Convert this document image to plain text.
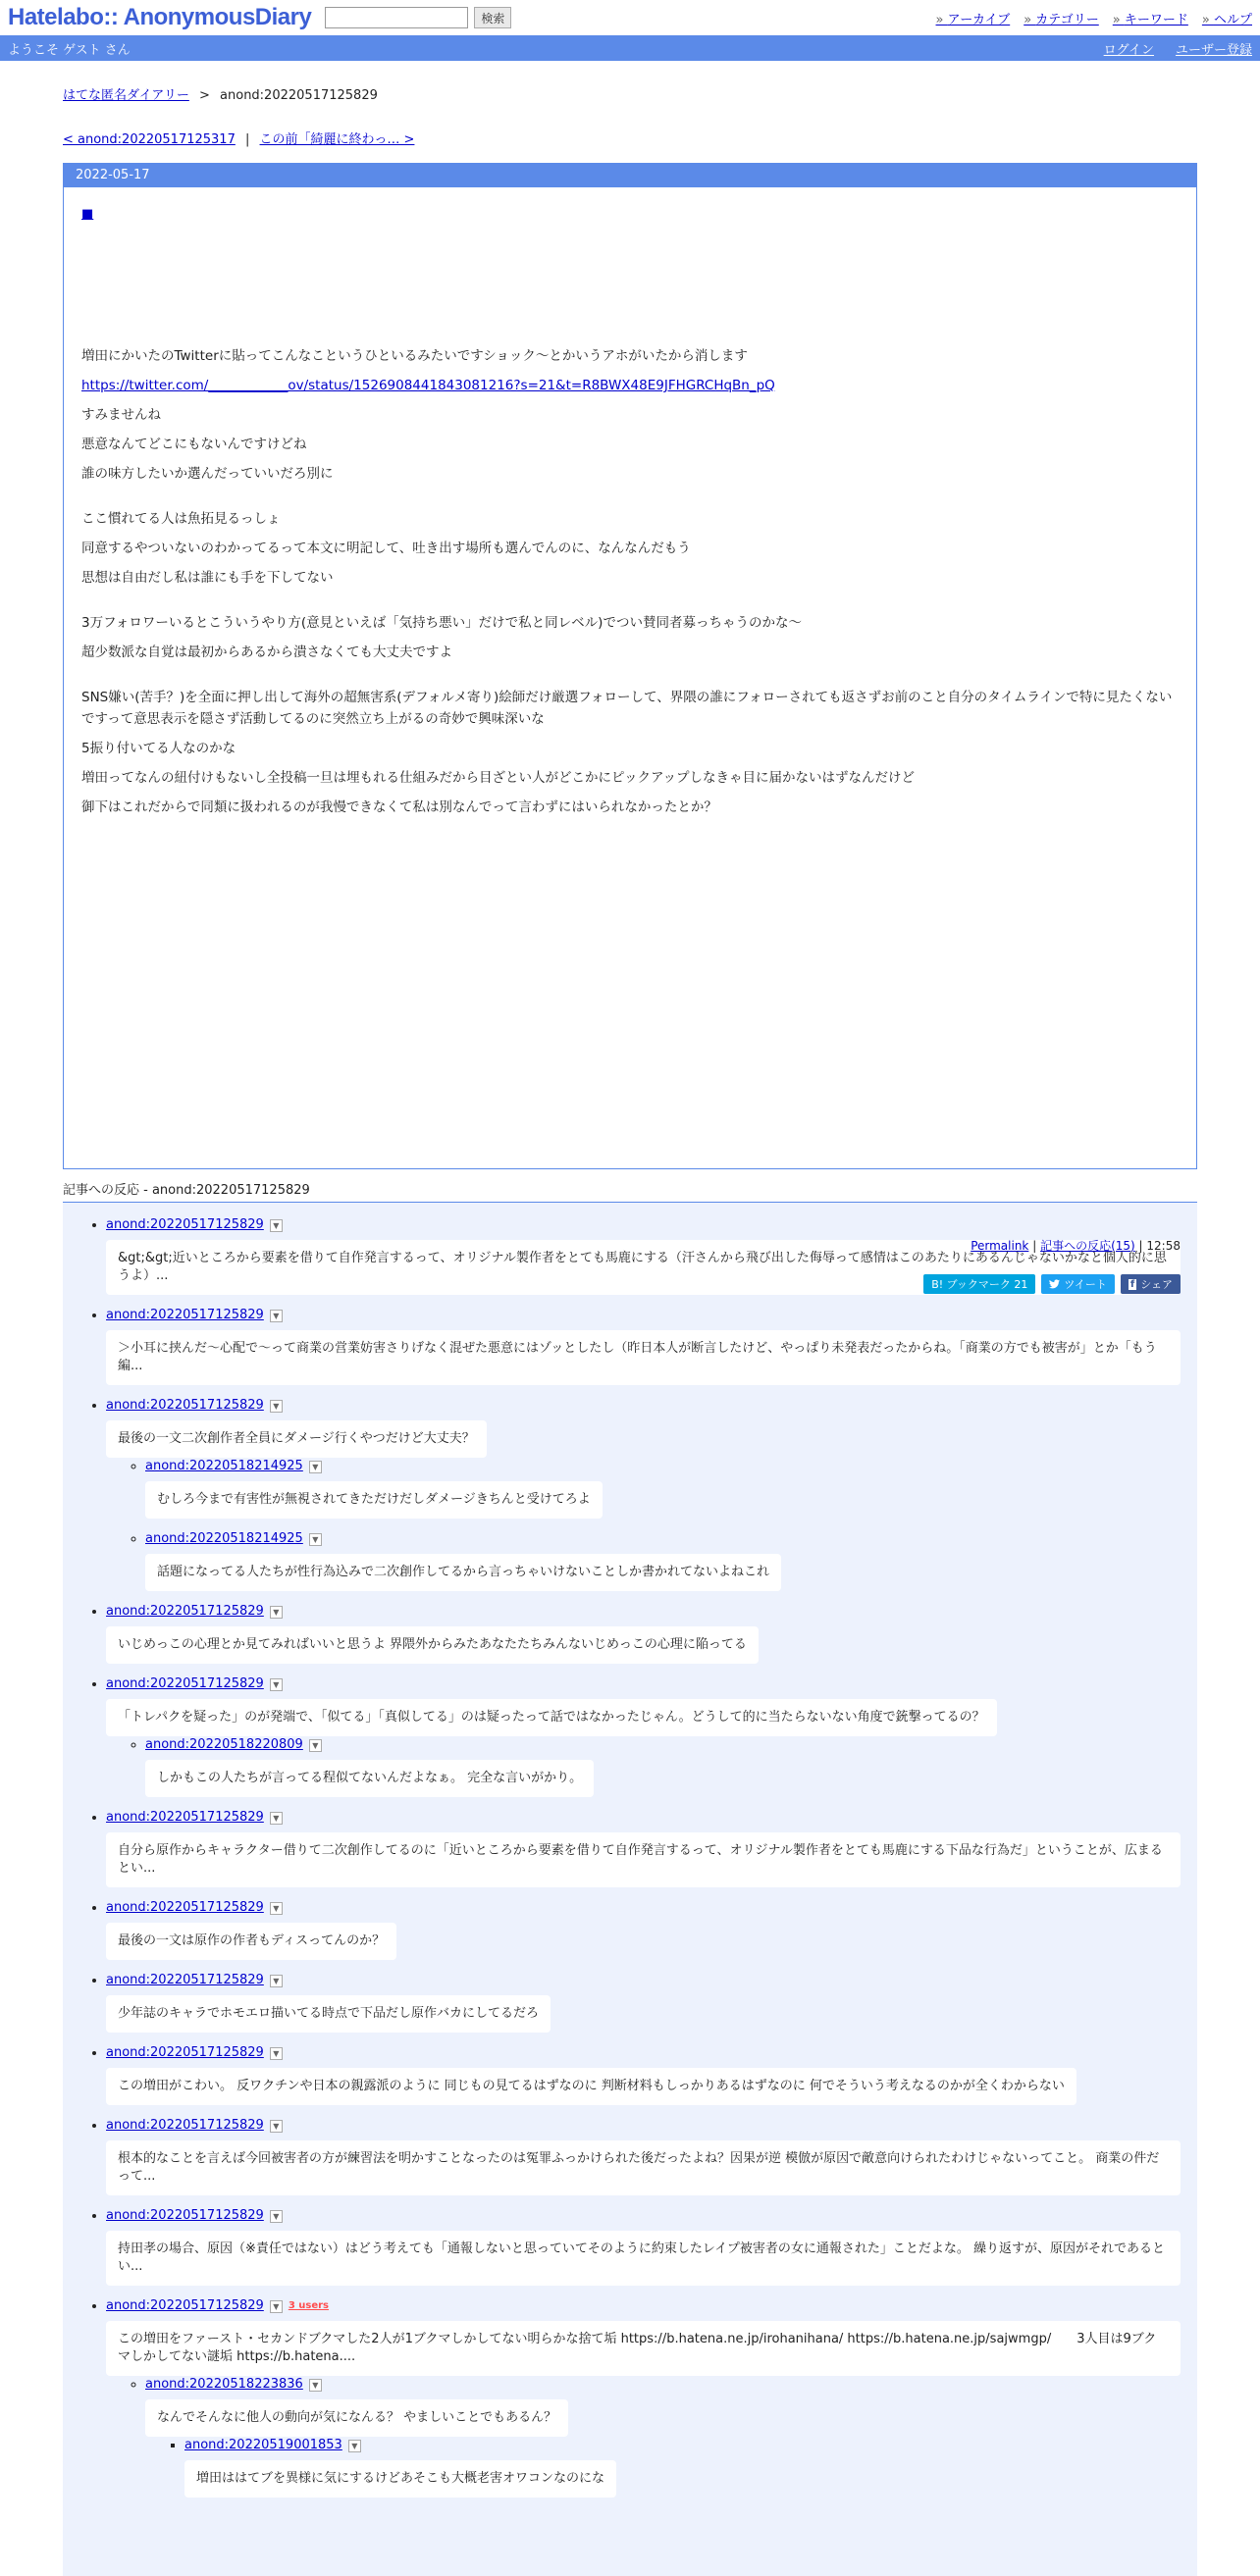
Hatelabo:: AnonymousDiary	検索	» アーカイブ	» カテゴリー	» キーワード	» ヘルプ
ようこそ ゲスト さん	ログイン ユーザー登録
はてな匿名ダイアリー > anond:20220517125829
< anond:20220517125317 | この前「綺麗に終わっ… >
2022-05-17
■

増田にかいたのTwitterに貼ってこんなこというひといるみたいですショック〜とかいうアホがいたから消します

https://twitter.com/____________ov/status/1526908441843081216?s=21&t=R8BWX48E9JFHGRCHqBn_pQ

すみませんね

悪意なんてどこにもないんですけどね

誰の味方したいか選んだっていいだろ別に

ここ慣れてる人は魚拓見るっしょ

同意するやついないのわかってるって本文に明記して、吐き出す場所も選んでんのに、なんなんだもう

思想は自由だし私は誰にも手を下してない

3万フォロワーいるとこういうやり方(意見といえば「気持ち悪い」だけで私と同レベル)でつい賛同者募っちゃうのかな〜

超少数派な自覚は最初からあるから潰さなくても大丈夫ですよ

SNS嫌い(苦手？)を全面に押し出して海外の超無害系(デフォルメ寄り)絵師だけ厳選フォローして、界隈の誰にフォローされても返さずお前のこと自分のタイムラインで特に見たくないですって意思表示を隠さず活動してるのに突然立ち上がるの奇妙で興味深いな

5振り付いてる人なのかな

増田ってなんの紐付けもないし全投稿一旦は埋もれる仕組みだから目ざとい人がどこかにピックアップしなきゃ目に届かないはずなんだけど

御下はこれだからで同類に扱われるのが我慢できなくて私は別なんでって言わずにはいられなかったとか？

Permalink | 記事への反応(15) | 12:58
B! ブックマーク 21	ツイート f シェア
記事への反応 - anond:20220517125829
• anond:20220517125829	▼
&gt;&gt;近いところから要素を借りて自作発言するって、オリジナル製作者をとても馬鹿にする（汗さんから飛び出した侮辱って感情はこのあたりにあるんじゃないかなと個人的に思うよ）...
• anond:20220517125829	▼
＞小耳に挟んだ〜心配で〜って商業の営業妨害さりげなく混ぜた悪意にはゾッとしたし（昨日本人が断言したけど、やっぱり未発表だったからね。「商業の方でも被害が」とか「もう編...
• anond:20220517125829	▼
最後の一文二次創作者全員にダメージ行くやつだけど大丈夫？
◦ anond:20220518214925	▼
むしろ今まで有害性が無視されてきただけだしダメージきちんと受けてろよ
◦ anond:20220518214925	▼
話題になってる人たちが性行為込みで二次創作してるから言っちゃいけないことしか書かれてないよねこれ
• anond:20220517125829	▼
いじめっこの心理とか見てみればいいと思うよ 界隈外からみたあなたたちみんないじめっこの心理に陥ってる
• anond:20220517125829	▼
「トレパクを疑った」のが発端で、「似てる」「真似してる」のは疑ったって話ではなかったじゃん。どうして的に当たらないない角度で銃撃ってるの？
◦ anond:20220518220809	▼
しかもこの人たちが言ってる程似てないんだよなぁ。 完全な言いがかり。
• anond:20220517125829	▼
自分ら原作からキャラクター借りて二次創作してるのに「近いところから要素を借りて自作発言するって、オリジナル製作者をとても馬鹿にする下品な行為だ」ということが、広まるとい...
• anond:20220517125829	▼
最後の一文は原作の作者もディスってんのか？
• anond:20220517125829	▼
少年誌のキャラでホモエロ描いてる時点で下品だし原作バカにしてるだろ
• anond:20220517125829	▼
この増田がこわい。 反ワクチンや日本の親露派のように 同じもの見てるはずなのに 判断材料もしっかりあるはずなのに 何でそういう考えなるのかが全くわからない
• anond:20220517125829	▼
根本的なことを言えば今回被害者の方が練習法を明かすことなったのは冤罪ふっかけられた後だったよね？因果が逆 模倣が原因で敵意向けられたわけじゃないってこと。 商業の件だって...
• anond:20220517125829	▼
持田孝の場合、原因（※責任ではない）はどう考えても「通報しないと思っていてそのように約束したレイプ被害者の女に通報された」ことだよな。 繰り返すが、原因がそれであるとい...
• anond:20220517125829	▼ 3 users
この増田をファースト・セカンドブクマした2人が1ブクマしかしてない明らかな捨て垢 https://b.hatena.ne.jp/irohanihana/ https://b.hatena.ne.jp/sajwmgp/　　3人目は9ブクマしかしてない謎垢 https://b.hatena....
◦ anond:20220518223836	▼
なんでそんなに他人の動向が気になんる？ やましいことでもあるん？
▪ anond:20220519001853	▼
増田ははてブを異様に気にするけどあそこも大概老害オワコンなのにな
